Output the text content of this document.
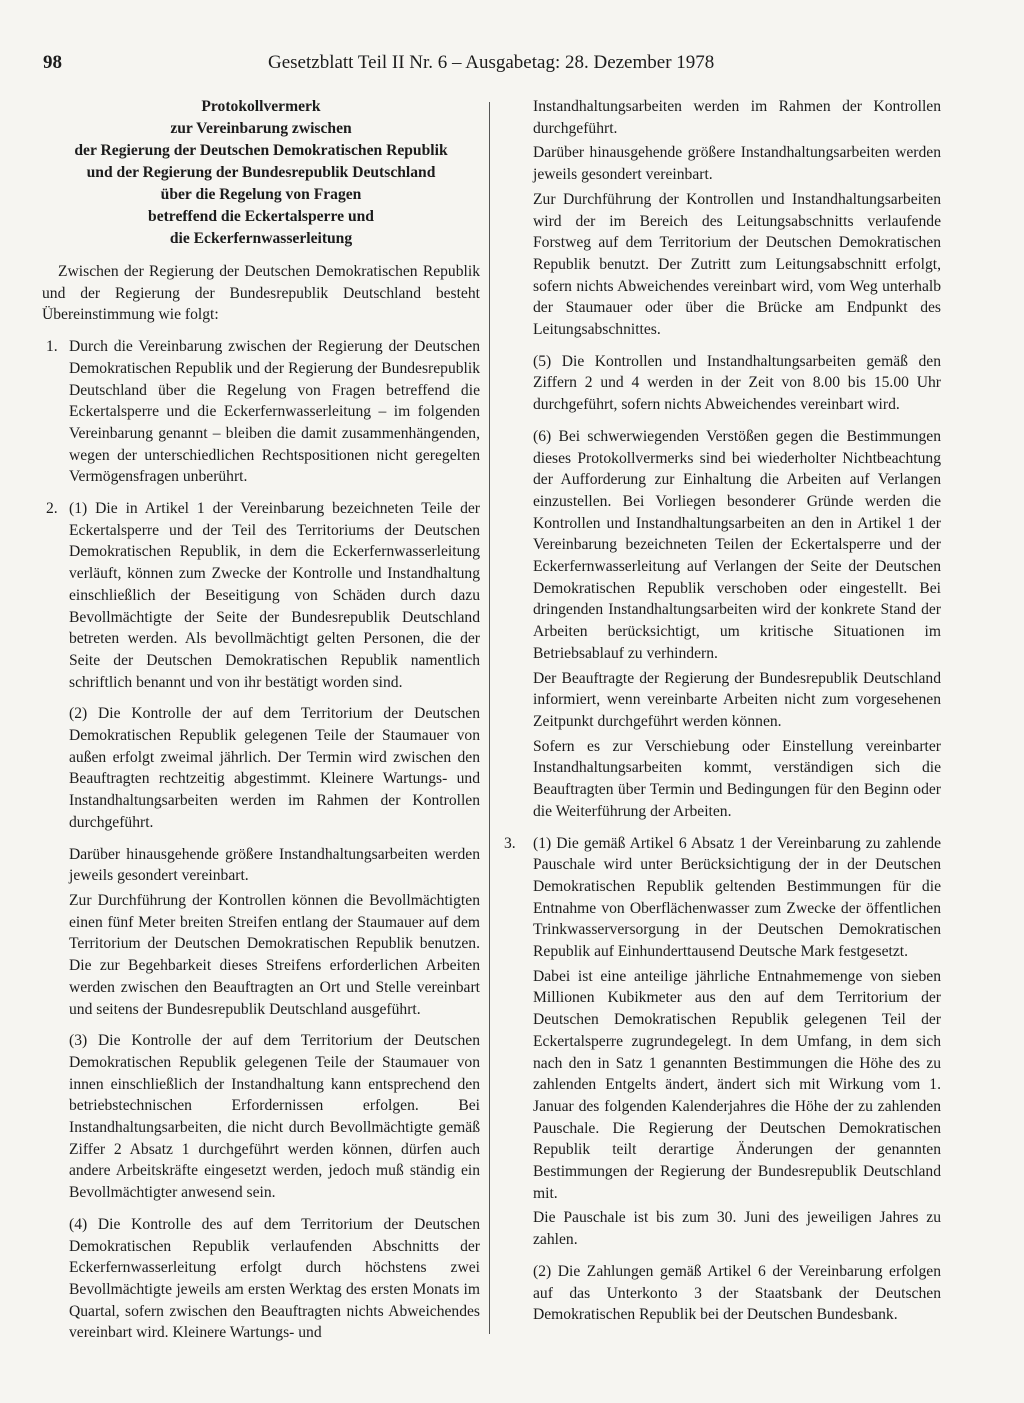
98	Gesetzblatt Teil II Nr. 6 – Ausgabetag: 28. Dezember 1978
Protokollvermerk
zur Vereinbarung zwischen
der Regierung der Deutschen Demokratischen Republik
und der Regierung der Bundesrepublik Deutschland
über die Regelung von Fragen
betreffend die Eckertalsperre und
die Eckerfernwasserleitung

Zwischen der Regierung der Deutschen Demokratischen Republik und der Regierung der Bundesrepublik Deutschland besteht Übereinstimmung wie folgt:

1. Durch die Vereinbarung zwischen der Regierung der Deutschen Demokratischen Republik und der Regierung der Bundesrepublik Deutschland über die Regelung von Fragen betreffend die Eckertalsperre und die Eckerfernwasserleitung – im folgenden Vereinbarung genannt – bleiben die damit zusammenhängenden, wegen der unterschiedlichen Rechtspositionen nicht geregelten Vermögensfragen unberührt.

2. (1) Die in Artikel 1 der Vereinbarung bezeichneten Teile der Eckertalsperre und der Teil des Territoriums der Deutschen Demokratischen Republik, in dem die Eckerfernwasserleitung verläuft, können zum Zwecke der Kontrolle und Instandhaltung einschließlich der Beseitigung von Schäden durch dazu Bevollmächtigte der Seite der Bundesrepublik Deutschland betreten werden. Als bevollmächtigt gelten Personen, die der Seite der Deutschen Demokratischen Republik namentlich schriftlich benannt und von ihr bestätigt worden sind.

(2) Die Kontrolle der auf dem Territorium der Deutschen Demokratischen Republik gelegenen Teile der Staumauer von außen erfolgt zweimal jährlich. Der Termin wird zwischen den Beauftragten rechtzeitig abgestimmt. Kleinere Wartungs- und Instandhaltungsarbeiten werden im Rahmen der Kontrollen durchgeführt.

Darüber hinausgehende größere Instandhaltungsarbeiten werden jeweils gesondert vereinbart.

Zur Durchführung der Kontrollen können die Bevollmächtigten einen fünf Meter breiten Streifen entlang der Staumauer auf dem Territorium der Deutschen Demokratischen Republik benutzen. Die zur Begehbarkeit dieses Streifens erforderlichen Arbeiten werden zwischen den Beauftragten an Ort und Stelle vereinbart und seitens der Bundesrepublik Deutschland ausgeführt.

(3) Die Kontrolle der auf dem Territorium der Deutschen Demokratischen Republik gelegenen Teile der Staumauer von innen einschließlich der Instandhaltung kann entsprechend den betriebstechnischen Erfordernissen erfolgen. Bei Instandhaltungsarbeiten, die nicht durch Bevollmächtigte gemäß Ziffer 2 Absatz 1 durchgeführt werden können, dürfen auch andere Arbeitskräfte eingesetzt werden, jedoch muß ständig ein Bevollmächtigter anwesend sein.

(4) Die Kontrolle des auf dem Territorium der Deutschen Demokratischen Republik verlaufenden Abschnitts der Eckerfernwasserleitung erfolgt durch höchstens zwei Bevollmächtigte jeweils am ersten Werktag des ersten Monats im Quartal, sofern zwischen den Beauftragten nichts Abweichendes vereinbart wird. Kleinere Wartungs- und

Instandhaltungsarbeiten werden im Rahmen der Kontrollen durchgeführt.

Darüber hinausgehende größere Instandhaltungsarbeiten werden jeweils gesondert vereinbart.

Zur Durchführung der Kontrollen und Instandhaltungsarbeiten wird der im Bereich des Leitungsabschnitts verlaufende Forstweg auf dem Territorium der Deutschen Demokratischen Republik benutzt. Der Zutritt zum Leitungsabschnitt erfolgt, sofern nichts Abweichendes vereinbart wird, vom Weg unterhalb der Staumauer oder über die Brücke am Endpunkt des Leitungsabschnittes.

(5) Die Kontrollen und Instandhaltungsarbeiten gemäß den Ziffern 2 und 4 werden in der Zeit von 8.00 bis 15.00 Uhr durchgeführt, sofern nichts Abweichendes vereinbart wird.

(6) Bei schwerwiegenden Verstößen gegen die Bestimmungen dieses Protokollvermerks sind bei wiederholter Nichtbeachtung der Aufforderung zur Einhaltung die Arbeiten auf Verlangen einzustellen. Bei Vorliegen besonderer Gründe werden die Kontrollen und Instandhaltungsarbeiten an den in Artikel 1 der Vereinbarung bezeichneten Teilen der Eckertalsperre und der Eckerfernwasserleitung auf Verlangen der Seite der Deutschen Demokratischen Republik verschoben oder eingestellt. Bei dringenden Instandhaltungsarbeiten wird der konkrete Stand der Arbeiten berücksichtigt, um kritische Situationen im Betriebsablauf zu verhindern.

Der Beauftragte der Regierung der Bundesrepublik Deutschland informiert, wenn vereinbarte Arbeiten nicht zum vorgesehenen Zeitpunkt durchgeführt werden können.

Sofern es zur Verschiebung oder Einstellung vereinbarter Instandhaltungsarbeiten kommt, verständigen sich die Beauftragten über Termin und Bedingungen für den Beginn oder die Weiterführung der Arbeiten.

3. (1) Die gemäß Artikel 6 Absatz 1 der Vereinbarung zu zahlende Pauschale wird unter Berücksichtigung der in der Deutschen Demokratischen Republik geltenden Bestimmungen für die Entnahme von Oberflächenwasser zum Zwecke der öffentlichen Trinkwasserversorgung in der Deutschen Demokratischen Republik auf Einhunderttausend Deutsche Mark festgesetzt.

Dabei ist eine anteilige jährliche Entnahmemenge von sieben Millionen Kubikmeter aus den auf dem Territorium der Deutschen Demokratischen Republik gelegenen Teil der Eckertalsperre zugrundegelegt. In dem Umfang, in dem sich nach den in Satz 1 genannten Bestimmungen die Höhe des zu zahlenden Entgelts ändert, ändert sich mit Wirkung vom 1. Januar des folgenden Kalenderjahres die Höhe der zu zahlenden Pauschale. Die Regierung der Deutschen Demokratischen Republik teilt derartige Änderungen der genannten Bestimmungen der Regierung der Bundesrepublik Deutschland mit.

Die Pauschale ist bis zum 30. Juni des jeweiligen Jahres zu zahlen.

(2) Die Zahlungen gemäß Artikel 6 der Vereinbarung erfolgen auf das Unterkonto 3 der Staatsbank der Deutschen Demokratischen Republik bei der Deutschen Bundesbank.
